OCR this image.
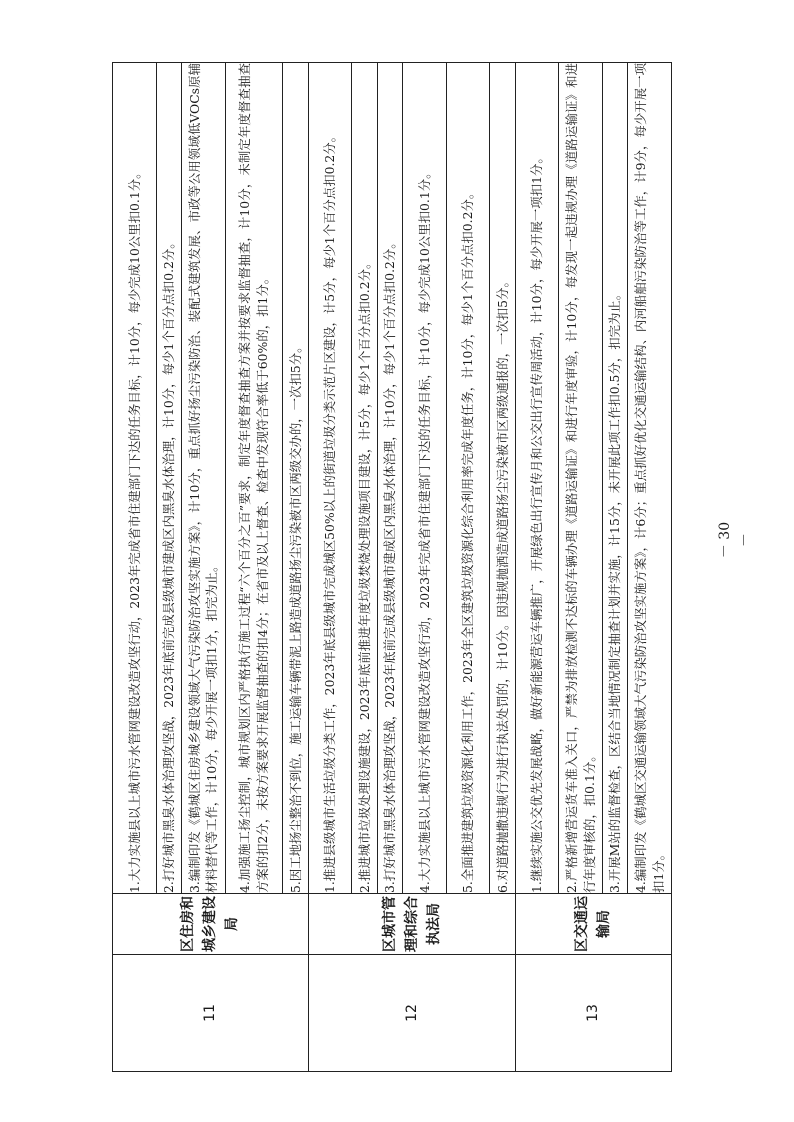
11	区住房和城乡建设局	1.大力实施县以上城市污水管网建设改造攻坚行动，2023年完成省市住建部门下达的任务目标，计10分，每少完成10公里扣0.1分。
		2.打好城市黑臭水体治理攻坚战，2023年底前完成县级城市建成区内黑臭水体治理，计10分，每少1个百分点扣0.2分。
		3.编制印发《鹤城区住房城乡建设领域大气污染防治攻坚实施方案》，计10分，重点抓好扬尘污染防治、装配式建筑发展、市政等公用领域低VOCs原辅材料替代等工作，计10分，每少开展一项扣1分，扣完为止。
		4.加强施工扬尘控制，城市规划区内严格执行施工过程“六个百分之百”要求，制定年度督查抽查方案并按要求监督抽查，计10分，未制定年度督查抽查方案的扣2分，未按方案要求开展监督抽查的扣4分；在省市及以上督查、检查中发现符合率低于60%的，扣1分。
		5.因工地扬尘整治不到位，施工运输车辆带泥上路造成道路扬尘污染被市区两级交办的，一次扣5分。
12	区城市管理和综合执法局	1.推进县级城市生活垃圾分类工作，2023年底县级城市完成城区50%以上的街道垃圾分类示范片区建设，计5分，每少1个百分点扣0.2分。
		2.推进城市垃圾处理设施建设，2023年底前推进年度垃圾焚烧处理设施项目建设，计5分，每少1个百分点扣0.2分。
		3.打好城市黑臭水体治理攻坚战，2023年底前完成县级城市建成区内黑臭水体治理，计10分，每少1个百分点扣0.2分。
		4.大力实施县以上城市污水管网建设改造攻坚行动，2023年完成省市住建部门下达的任务目标，计10分，每少完成10公里扣0.1分。
		5.全面推进建筑垃圾资源化利用工作，2023年全区建筑垃圾资源化综合利用率完成年度任务，计10分，每少1个百分点扣0.2分。
		6.对道路抛撒违规行为进行执法处罚的，计10分。因违规抛洒造成道路扬尘污染被市区两级通报的，一次扣5分。
13	区交通运输局	1.继续实施公交优先发展战略，做好新能源营运车辆推广，开展绿色出行宣传月和公交出行宣传周活动，计10分，每少开展一项扣1分。
		2.严格新增营运货车准入关口，严禁为排放检测不达标的车辆办理《道路运输证》和进行年度审验，计10分，每发现一起违规办理《道路运输证》和进行年度审核的，扣0.1分。
		3.开展M站的监督检查，区结合当地情况制定抽查计划并实施，计15分，未开展此项工作扣0.5分，扣完为止。
		4.编制印发《鹤城区交通运输领域大气污染防治攻坚实施方案》，计6分；重点抓好优化交通运输结构、内河船舶污染防治等工作，计9分，每少开展一项扣1分。
－ 30 －
